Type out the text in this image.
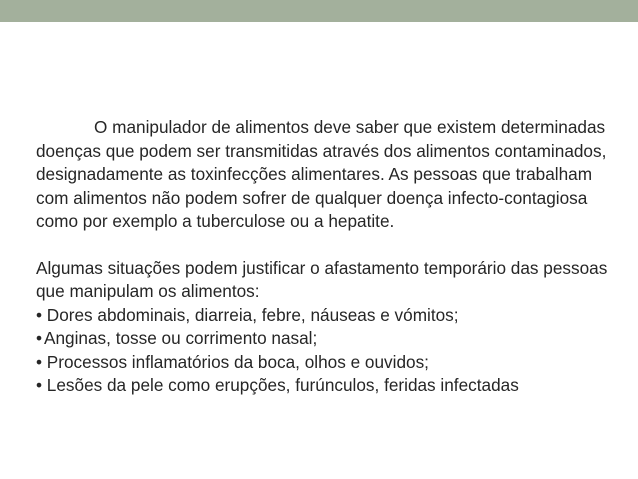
O manipulador de alimentos deve saber que existem determinadas doenças que podem ser transmitidas através dos alimentos contaminados, designadamente as toxinfecções alimentares. As pessoas que trabalham com alimentos não podem sofrer de qualquer doença infecto-contagiosa como por exemplo a tuberculose ou a hepatite.

Algumas situações podem justificar o afastamento temporário das pessoas que manipulam os alimentos:

• Dores abdominais, diarreia, febre, náuseas e vómitos;
• Anginas, tosse ou corrimento nasal;
• Processos inflamatórios da boca, olhos e ouvidos;
• Lesões da pele como erupções, furúnculos, feridas infectadas
